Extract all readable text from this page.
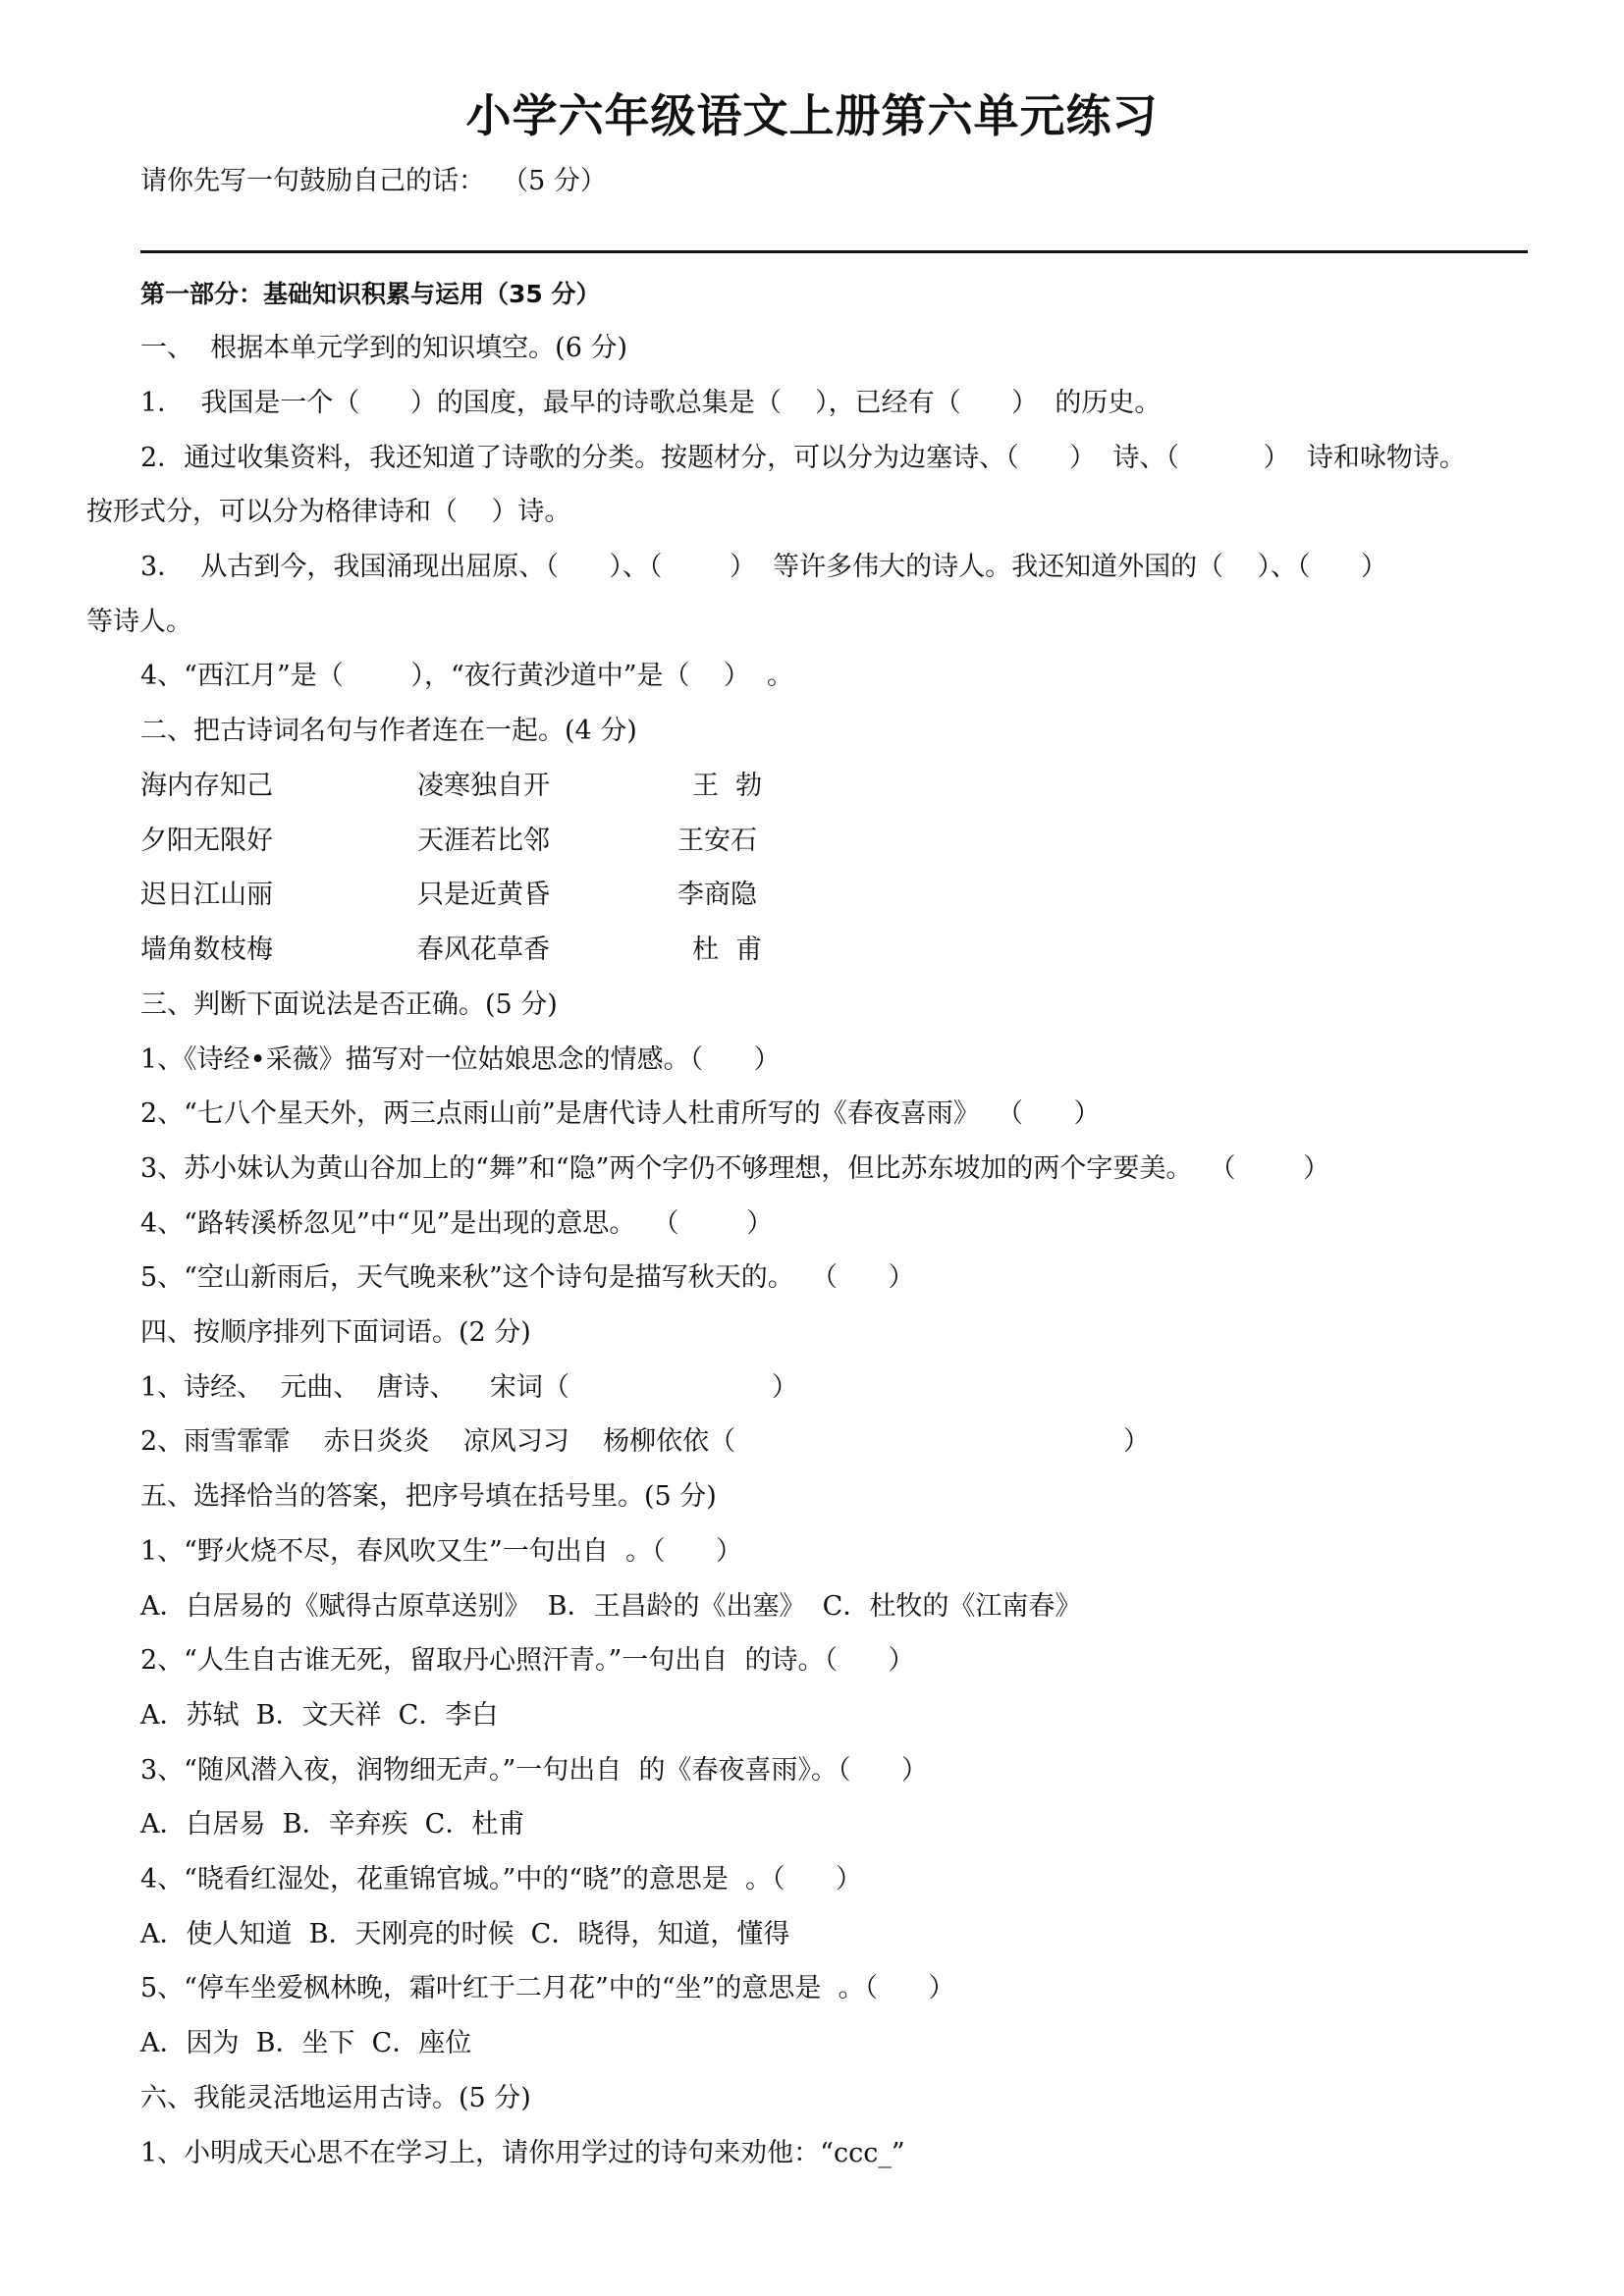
小学六年级语文上册第六单元练习
请你先写一句鼓励自己的话：  （5 分）
第一部分：基础知识积累与运用（35 分）
一、  根据本单元学到的知识填空。(6 分)
1．  我国是一个（      ）的国度，最早的诗歌总集是（    ），已经有（      ）  的历史。
2．通过收集资料，我还知道了诗歌的分类。按题材分，可以分为边塞诗、（      ）  诗、（          ）  诗和咏物诗。
按形式分，可以分为格律诗和（    ）诗。
3．  从古到今，我国涌现出屈原、（      ）、（        ）  等许多伟大的诗人。我还知道外国的（    ）、（      ）
等诗人。
4、“西江月”是（        ），“夜行黄沙道中”是（    ）  。
二、把古诗词名句与作者连在一起。(4 分)
海内存知己	凌寒独自开	王  勃
夕阳无限好	天涯若比邻	王安石
迟日江山丽	只是近黄昏	李商隐
墙角数枝梅	春风花草香	杜  甫
三、判断下面说法是否正确。(5 分)
1、《诗经•采薇》描写对一位姑娘思念的情感。（      ）
2、“七八个星天外，两三点雨山前”是唐代诗人杜甫所写的《春夜喜雨》  （      ）
3、苏小妹认为黄山谷加上的“舞”和“隐”两个字仍不够理想，但比苏东坡加的两个字要美。  （        ）
4、“路转溪桥忽见”中“见”是出现的意思。  （        ）
5、“空山新雨后，天气晚来秋”这个诗句是描写秋天的。  （      ）
四、按顺序排列下面词语。(2 分)
1、诗经、  元曲、  唐诗、    宋词（                        ）
2、雨雪霏霏    赤日炎炎    凉风习习    杨柳依依（                                              ）
五、选择恰当的答案，把序号填在括号里。(5 分)
1、“野火烧不尽，春风吹又生”一句出自  。（      ）
A．白居易的《赋得古原草送别》  B．王昌龄的《出塞》  C．杜牧的《江南春》
2、“人生自古谁无死，留取丹心照汗青。”一句出自  的诗。（      ）
A．苏轼  B．文天祥  C．李白
3、“随风潜入夜，润物细无声。”一句出自  的《春夜喜雨》。（      ）
A．白居易  B．辛弃疾  C．杜甫
4、“晓看红湿处，花重锦官城。”中的“晓”的意思是  。（      ）
A．使人知道  B．天刚亮的时候  C．晓得，知道，懂得
5、“停车坐爱枫林晚，霜叶红于二月花”中的“坐”的意思是  。（      ）
A．因为  B．坐下  C．座位
六、我能灵活地运用古诗。(5 分)
1、小明成天心思不在学习上，请你用学过的诗句来劝他：“ccc_”
